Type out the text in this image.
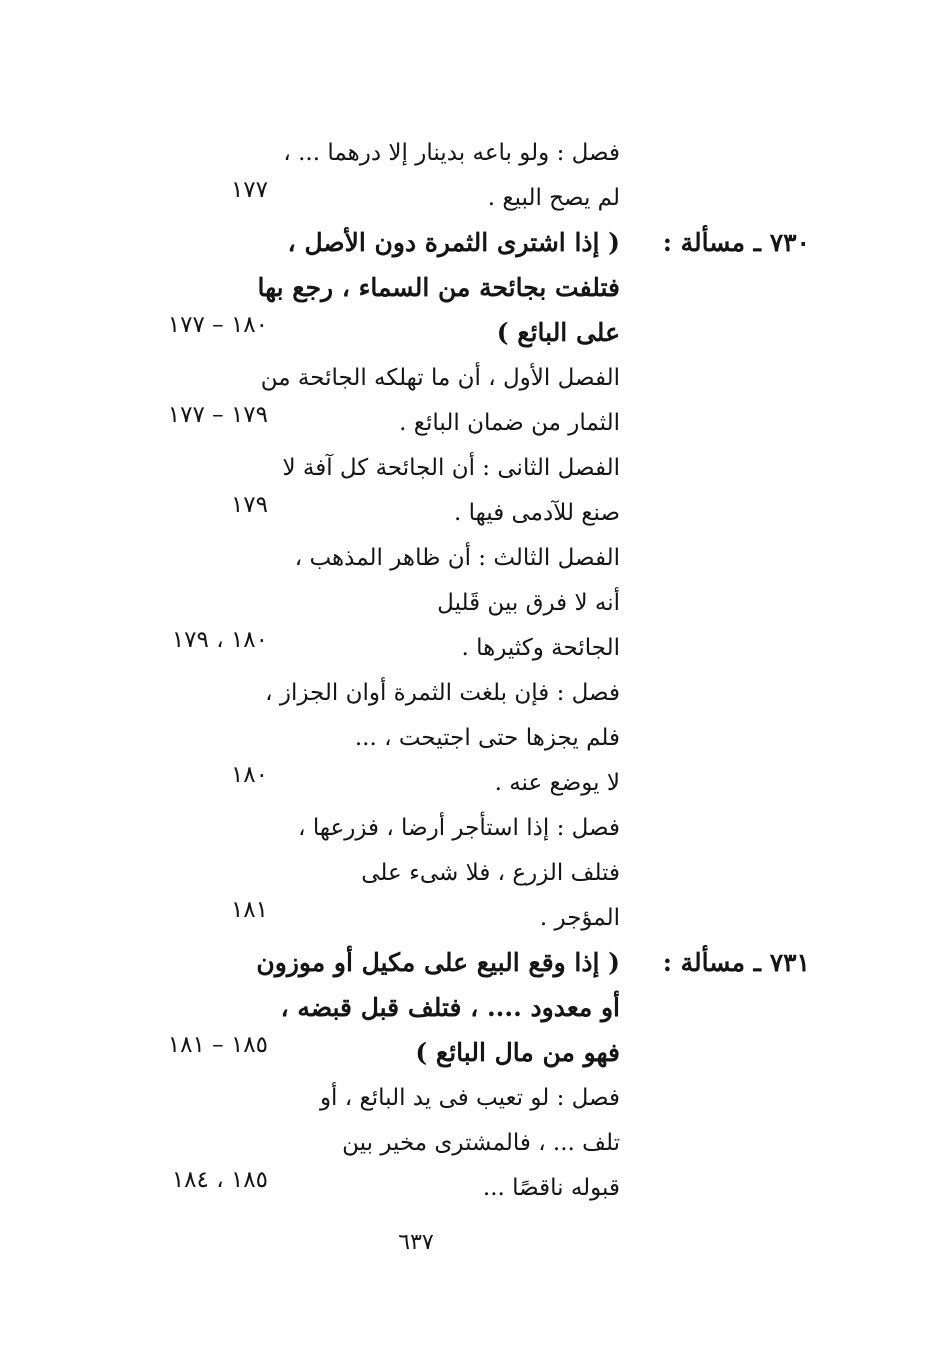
فصل : ولو باعه بدينار إلا درهما ... ،
لم يصح البيع .
١٧٧
( إذا اشترى الثمرة دون الأصل ، ٧٣٠ ـ مسألة :
فتلفت بجائحة من السماء ، رجع بها
على البائع )
١٨٠ – ١٧٧
الفصل الأول ، أن ما تهلكه الجائحة من
الثمار من ضمان البائع .
١٧٩ – ١٧٧
الفصل الثانى : أن الجائحة كل آفة لا
صنع للآدمى فيها .
١٧٩
الفصل الثالث : أن ظاهر المذهب ،
أنه لا فرق بين قَليل
الجائحة وكثيرها .
١٨٠ ، ١٧٩
فصل : فإن بلغت الثمرة أوان الجزاز ،
فلم يجزها حتى اجتيحت ، ...
لا يوضع عنه .
١٨٠
فصل : إذا استأجر أرضا ، فزرعها ،
فتلف الزرع ، فلا شىء على
المؤجر .
١٨١
( إذا وقع البيع على مكيل أو موزون ٧٣١ ـ مسألة :
أو معدود .... ، فتلف قبل قبضه ،
فهو من مال البائع )
١٨٥ – ١٨١
فصل : لو تعيب فى يد البائع ، أو
تلف ... ، فالمشترى مخير بين
قبوله ناقصًا ...
١٨٥ ، ١٨٤
٦٣٧
